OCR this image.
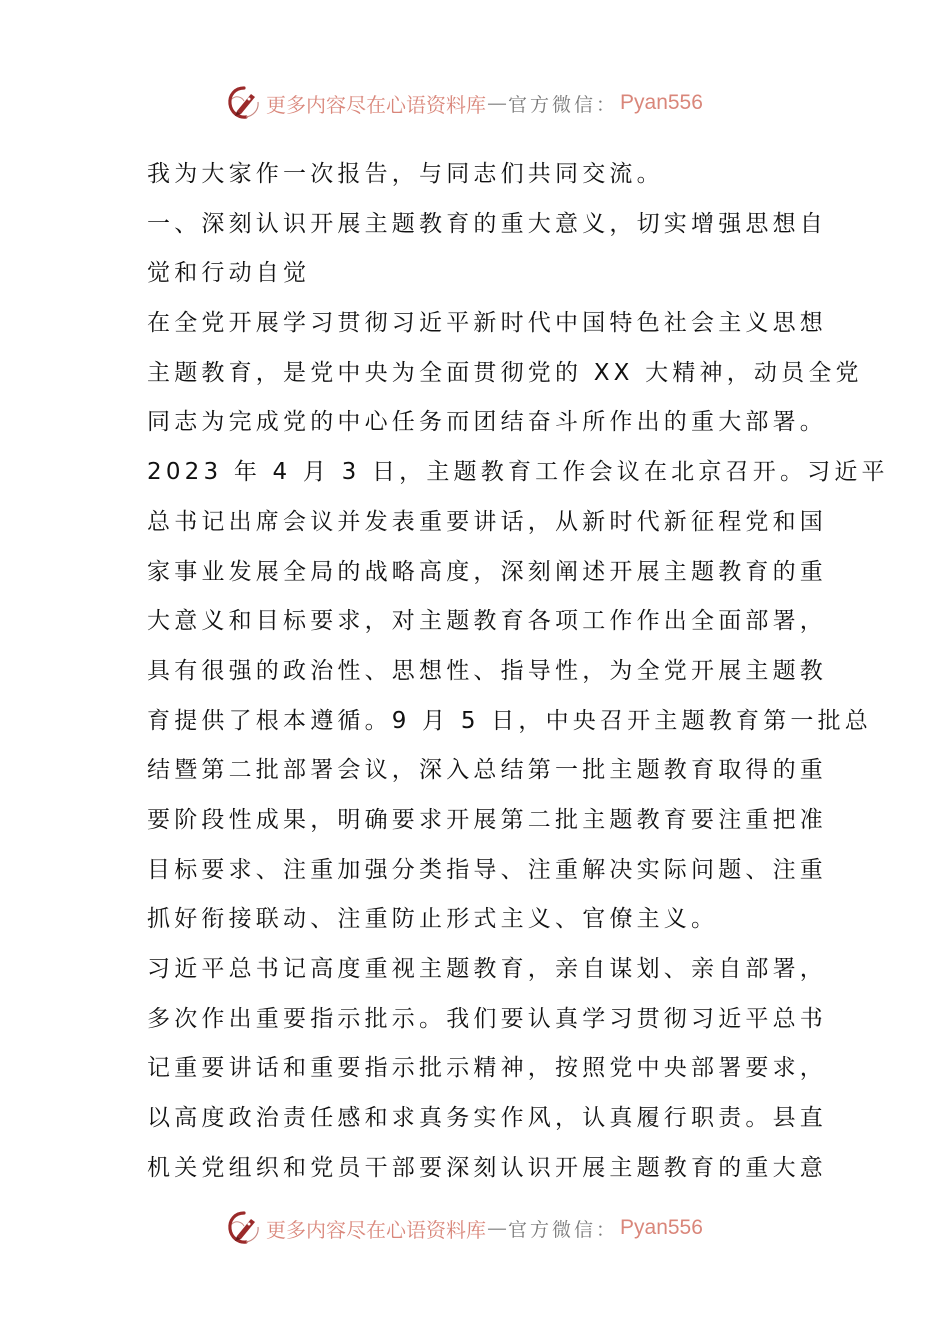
更多内容尽在心语资料库 — 官方微信： Pyan556
我为大家作一次报告，与同志们共同交流。
一、深刻认识开展主题教育的重大意义，切实增强思想自
觉和行动自觉
在全党开展学习贯彻习近平新时代中国特色社会主义思想
主题教育，是党中央为全面贯彻党的 XX 大精神，动员全党
同志为完成党的中心任务而团结奋斗所作出的重大部署。
2023 年 4 月 3 日，主题教育工作会议在北京召开。习近平
总书记出席会议并发表重要讲话，从新时代新征程党和国
家事业发展全局的战略高度，深刻阐述开展主题教育的重
大意义和目标要求，对主题教育各项工作作出全面部署，
具有很强的政治性、思想性、指导性，为全党开展主题教
育提供了根本遵循。9 月 5 日，中央召开主题教育第一批总
结暨第二批部署会议，深入总结第一批主题教育取得的重
要阶段性成果，明确要求开展第二批主题教育要注重把准
目标要求、注重加强分类指导、注重解决实际问题、注重
抓好衔接联动、注重防止形式主义、官僚主义。
习近平总书记高度重视主题教育，亲自谋划、亲自部署，
多次作出重要指示批示。我们要认真学习贯彻习近平总书
记重要讲话和重要指示批示精神，按照党中央部署要求，
以高度政治责任感和求真务实作风，认真履行职责。县直
机关党组织和党员干部要深刻认识开展主题教育的重大意
更多内容尽在心语资料库 — 官方微信： Pyan556
